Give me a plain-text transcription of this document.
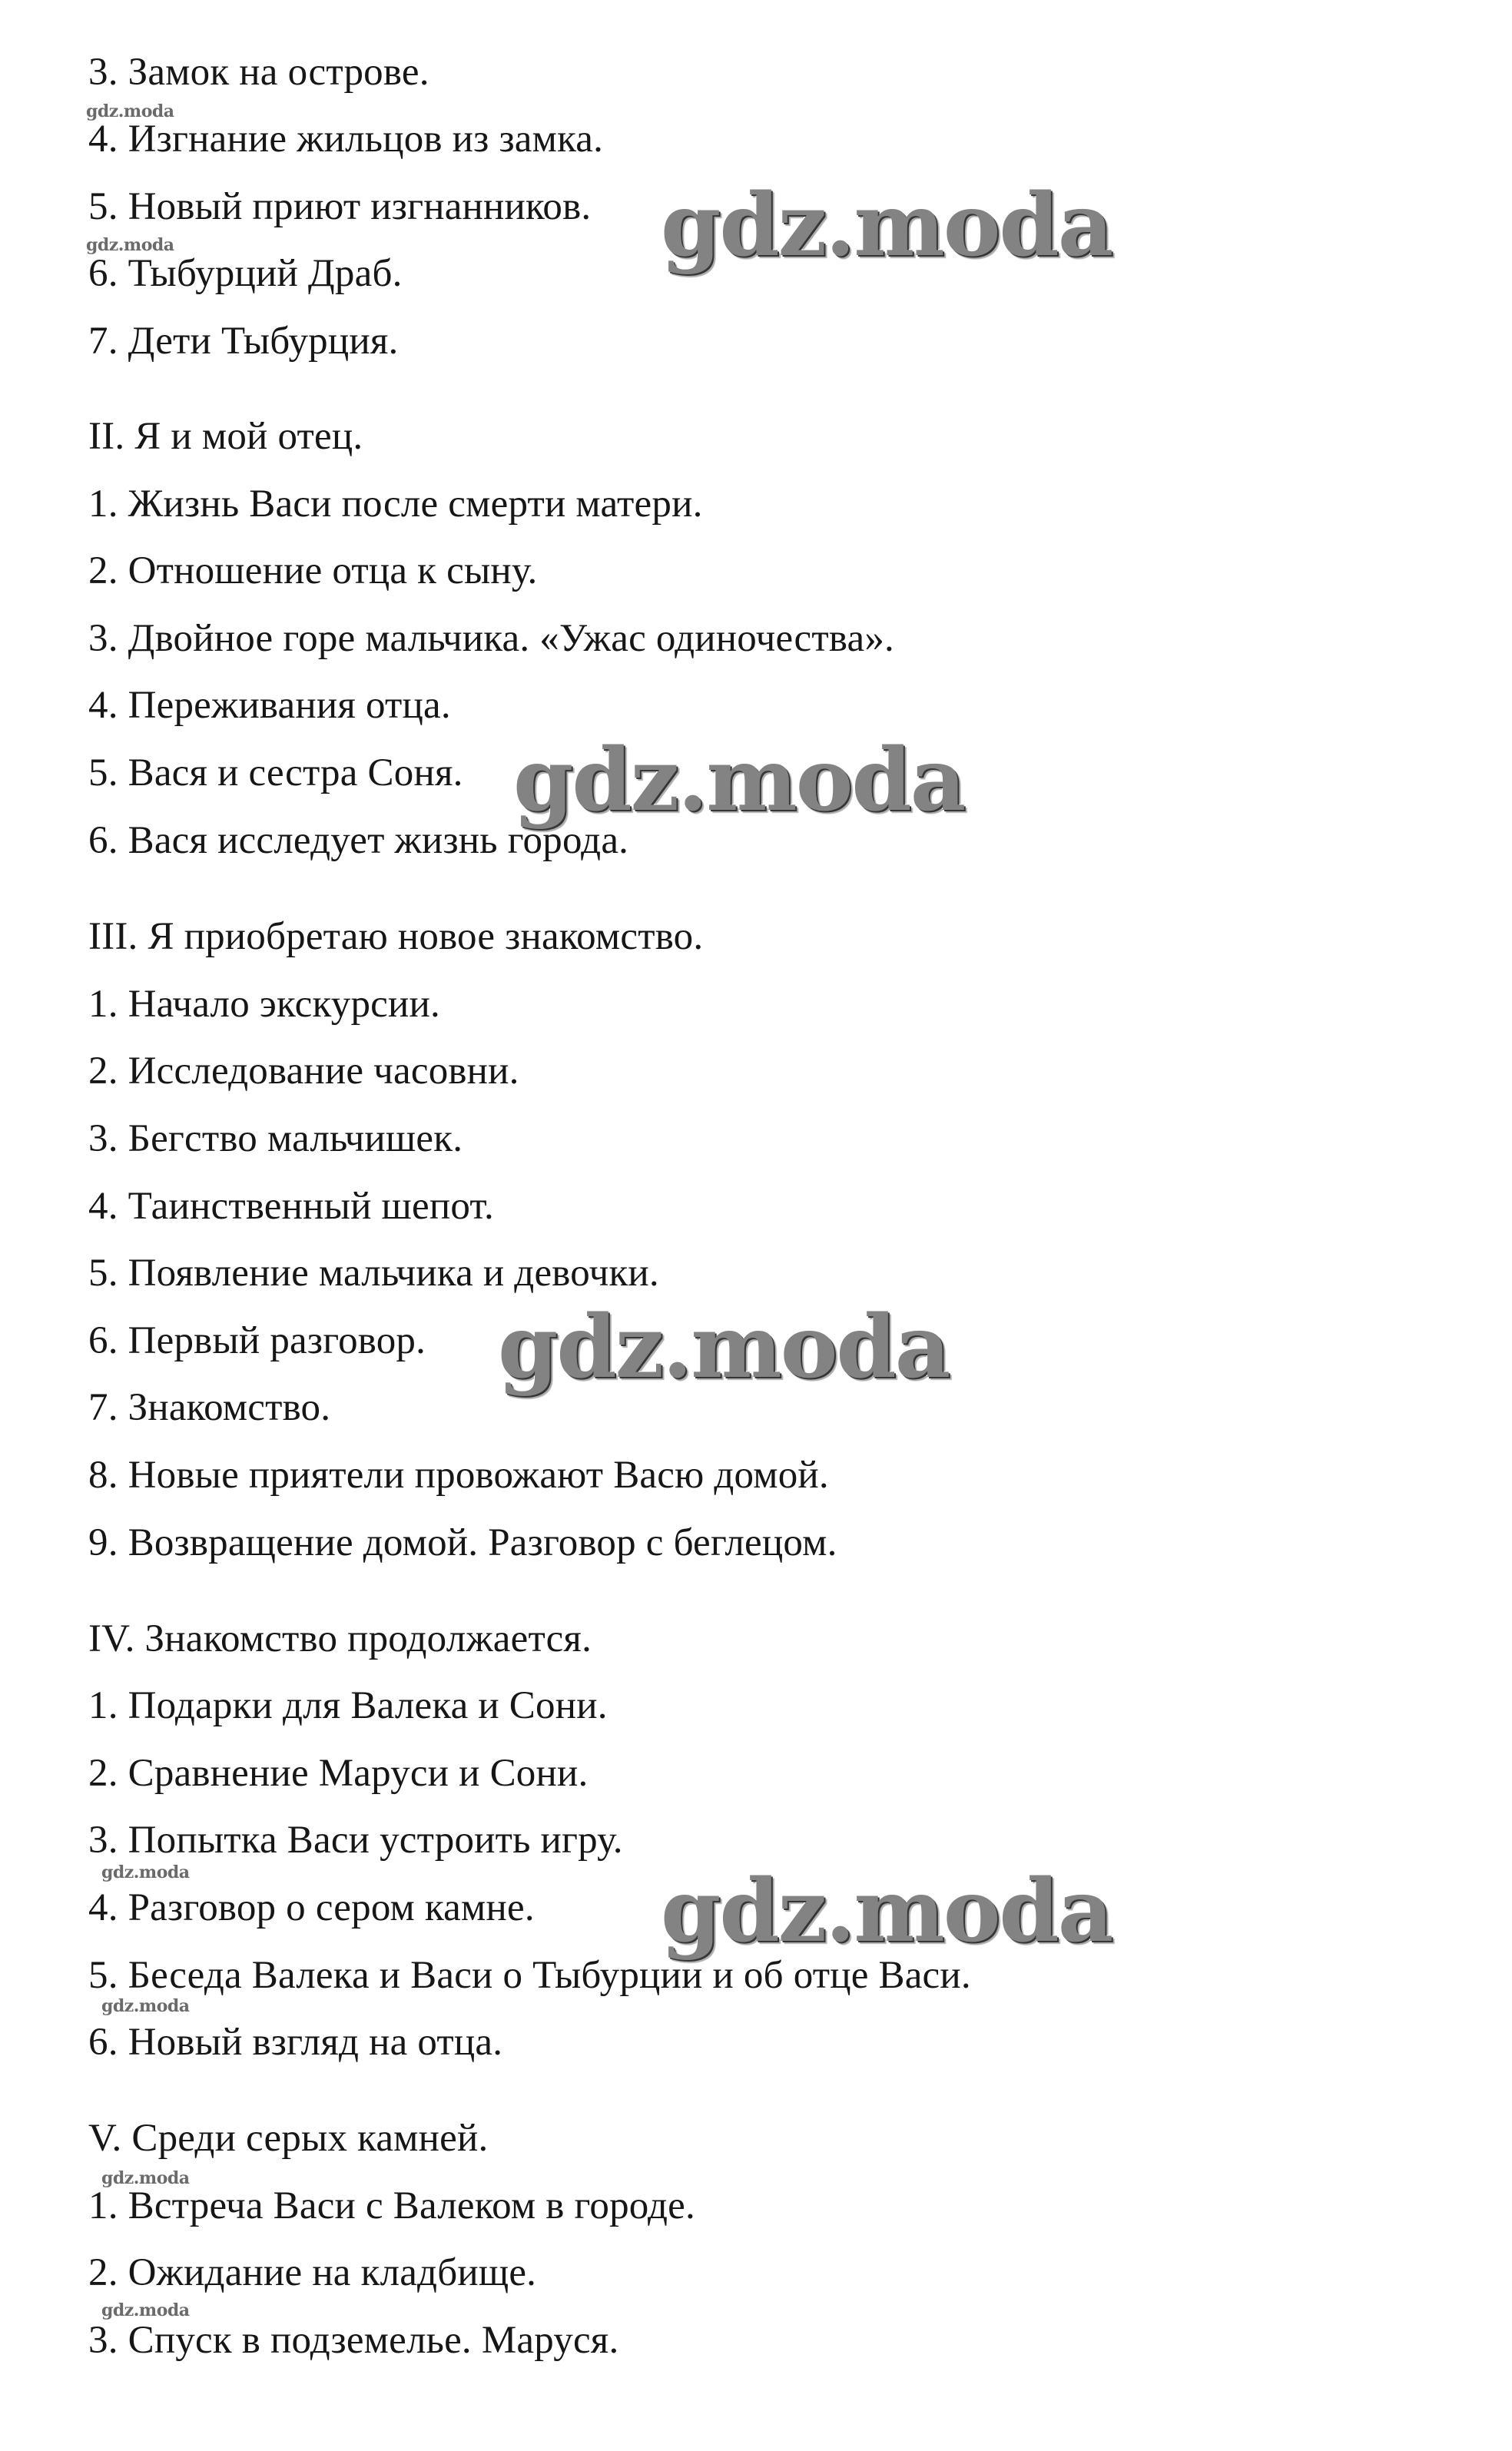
3. Замок на острове.
4. Изгнание жильцов из замка.
5. Новый приют изгнанников.
6. Тыбурций Драб.
7. Дети Тыбурция.
II. Я и мой отец.
1. Жизнь Васи после смерти матери.
2. Отношение отца к сыну.
3. Двойное горе мальчика. «Ужас одиночества».
4. Переживания отца.
5. Вася и сестра Соня.
6. Вася исследует жизнь города.
III. Я приобретаю новое знакомство.
1. Начало экскурсии.
2. Исследование часовни.
3. Бегство мальчишек.
4. Таинственный шепот.
5. Появление мальчика и девочки.
6. Первый разговор.
7. Знакомство.
8. Новые приятели провожают Васю домой.
9. Возвращение домой. Разговор с беглецом.
IV. Знакомство продолжается.
1. Подарки для Валека и Сони.
2. Сравнение Маруси и Сони.
3. Попытка Васи устроить игру.
4. Разговор о сером камне.
5. Беседа Валека и Васи о Тыбурции и об отце Васи.
6. Новый взгляд на отца.
V. Среди серых камней.
1. Встреча Васи с Валеком в городе.
2. Ожидание на кладбище.
3. Спуск в подземелье. Маруся.
gdz.moda
gdz.moda
gdz.moda
gdz.moda
gdz.moda
gdz.moda
gdz.moda
gdz.moda
gdz.moda
gdz.moda
